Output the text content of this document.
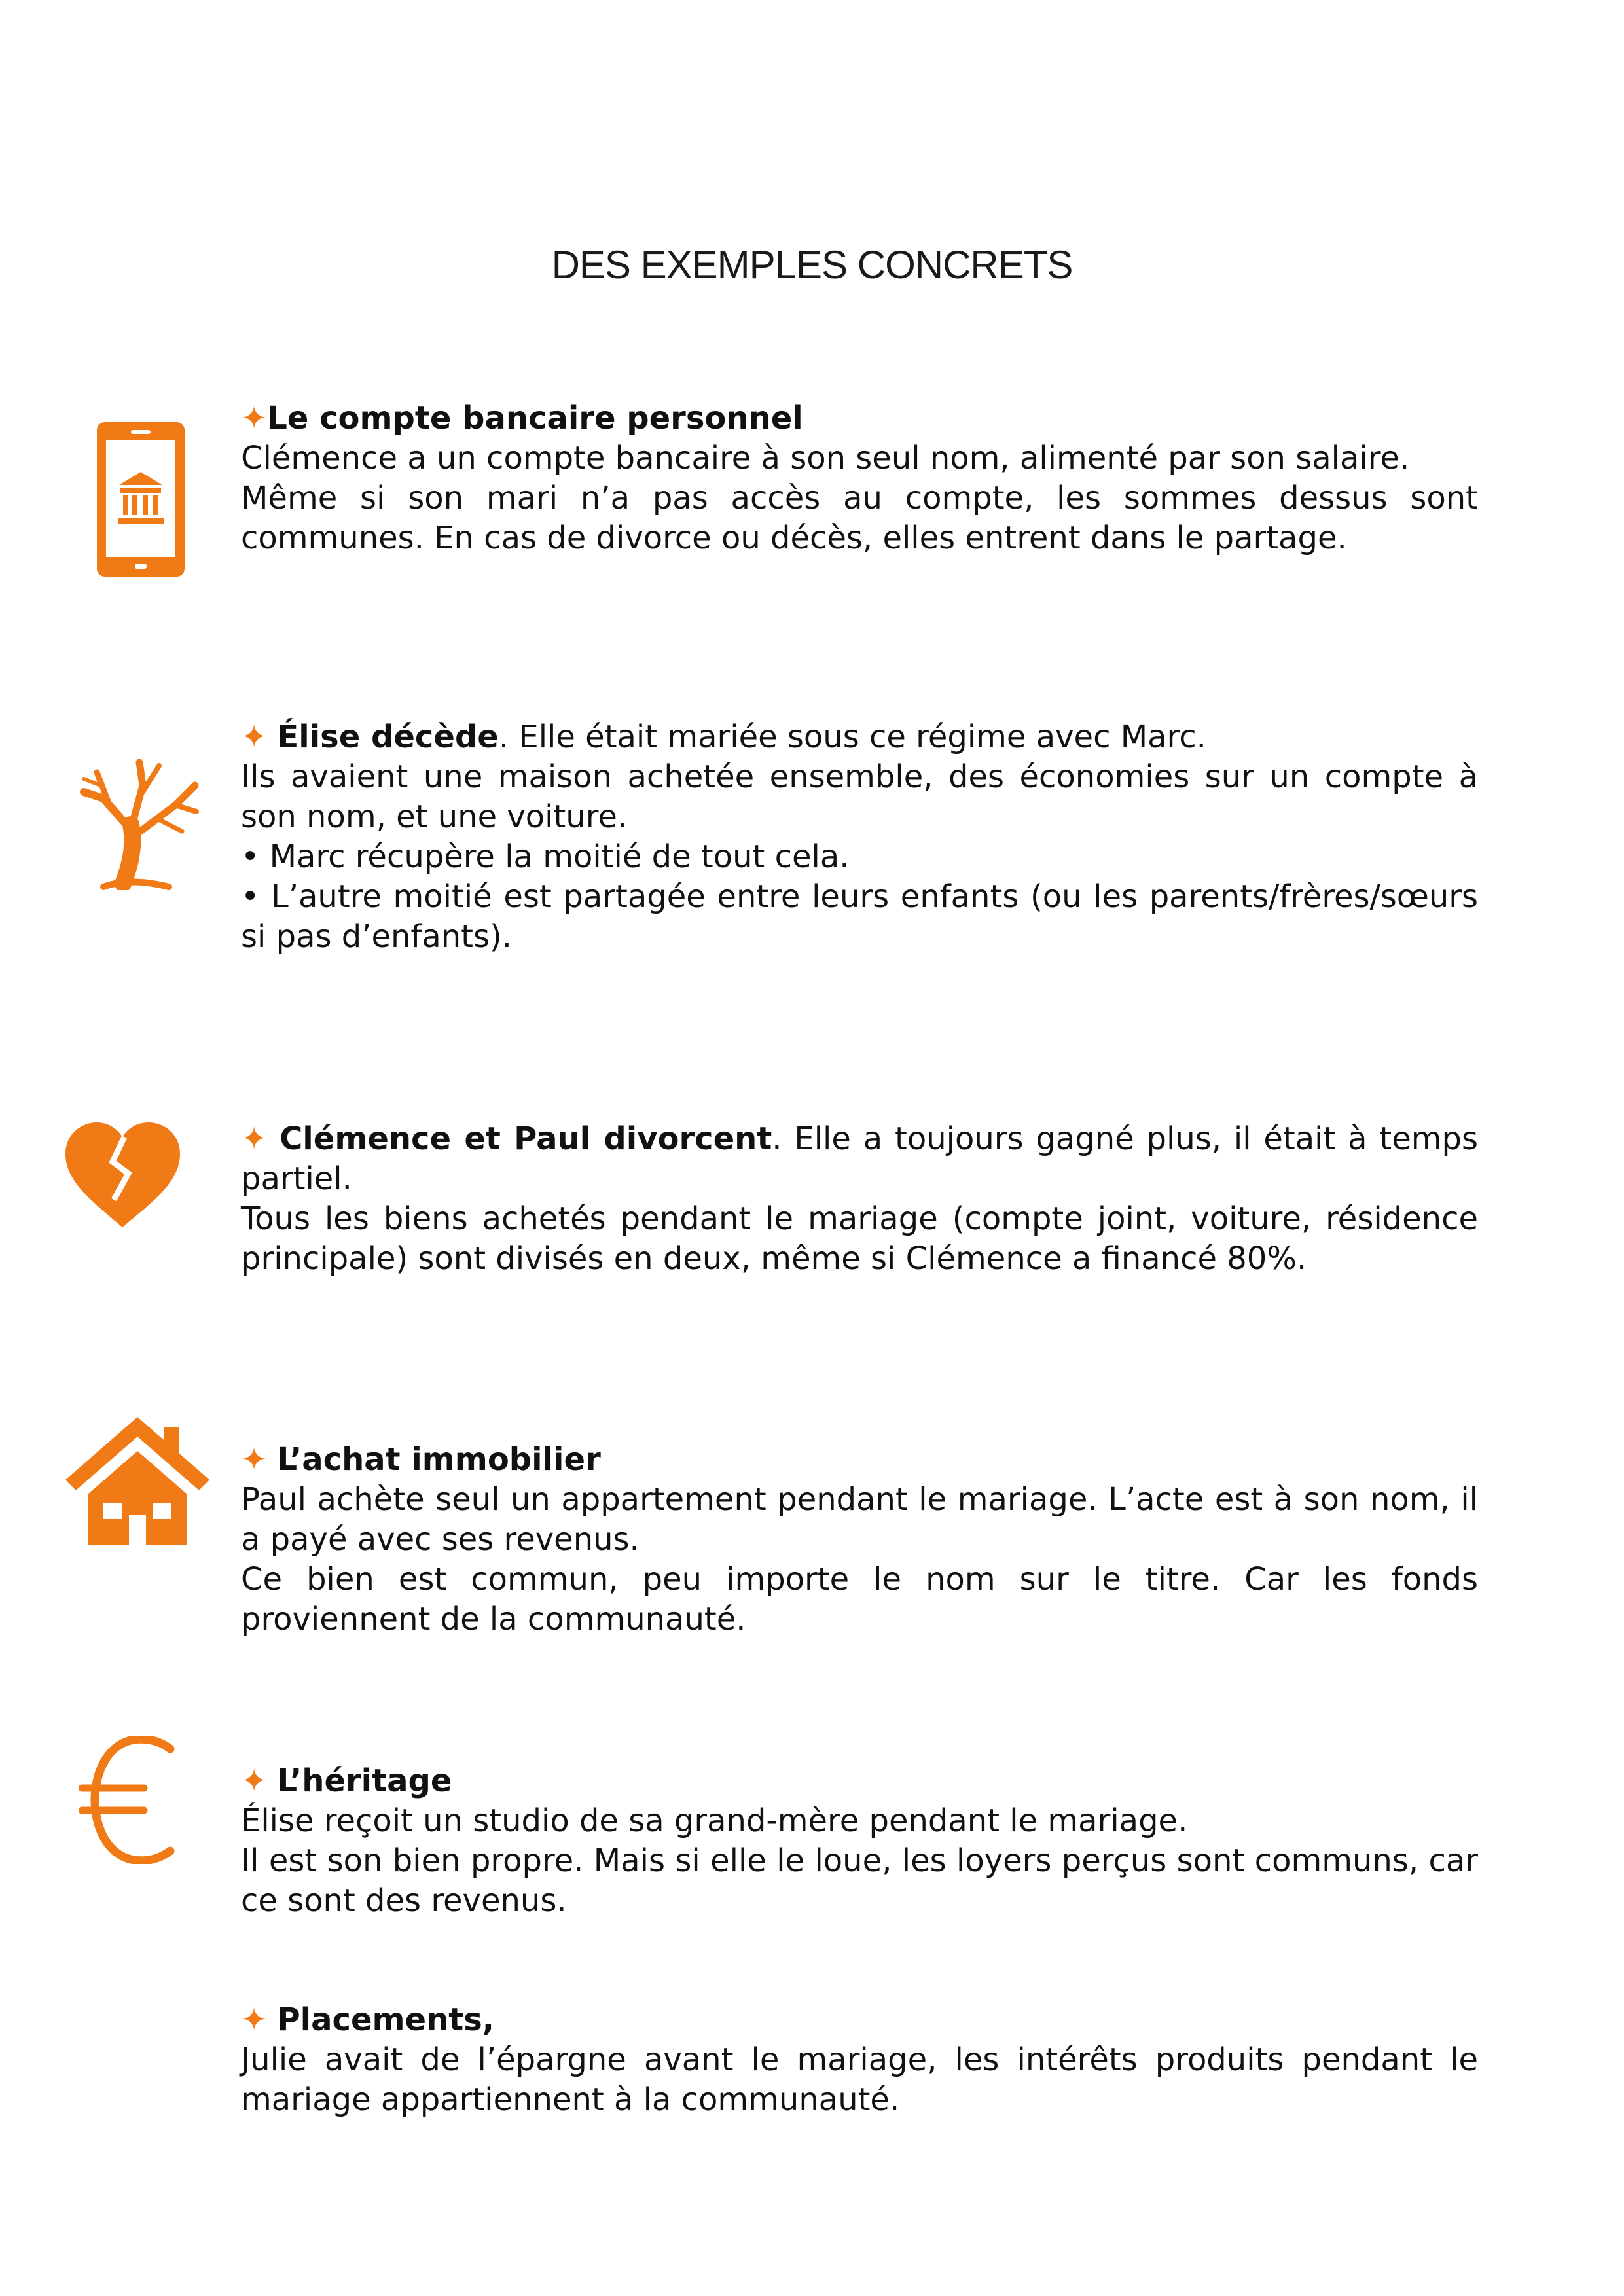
DES EXEMPLES CONCRETS

✦Le compte bancaire personnel

Clémence a un compte bancaire à son seul nom, alimenté par son salaire.

Même si son mari n’a pas accès au compte, les sommes dessus sont communes. En cas de divorce ou décès, elles entrent dans le partage.

✦ Élise décède. Elle était mariée sous ce régime avec Marc.

Ils avaient une maison achetée ensemble, des économies sur un compte à son nom, et une voiture.

• Marc récupère la moitié de tout cela.

• L’autre moitié est partagée entre leurs enfants (ou les parents/frères/sœurs si pas d’enfants).

✦ Clémence et Paul divorcent. Elle a toujours gagné plus, il était à temps partiel.

Tous les biens achetés pendant le mariage (compte joint, voiture, résidence principale) sont divisés en deux, même si Clémence a financé 80%.

✦ L’achat immobilier

Paul achète seul un appartement pendant le mariage. L’acte est à son nom, il a payé avec ses revenus.

Ce bien est commun, peu importe le nom sur le titre. Car les fonds proviennent de la communauté.

✦ L’héritage

Élise reçoit un studio de sa grand-mère pendant le mariage.

Il est son bien propre. Mais si elle le loue, les loyers perçus sont communs, car ce sont des revenus.

✦ Placements,

Julie avait de l’épargne avant le mariage, les intérêts produits pendant le mariage appartiennent à la communauté.
